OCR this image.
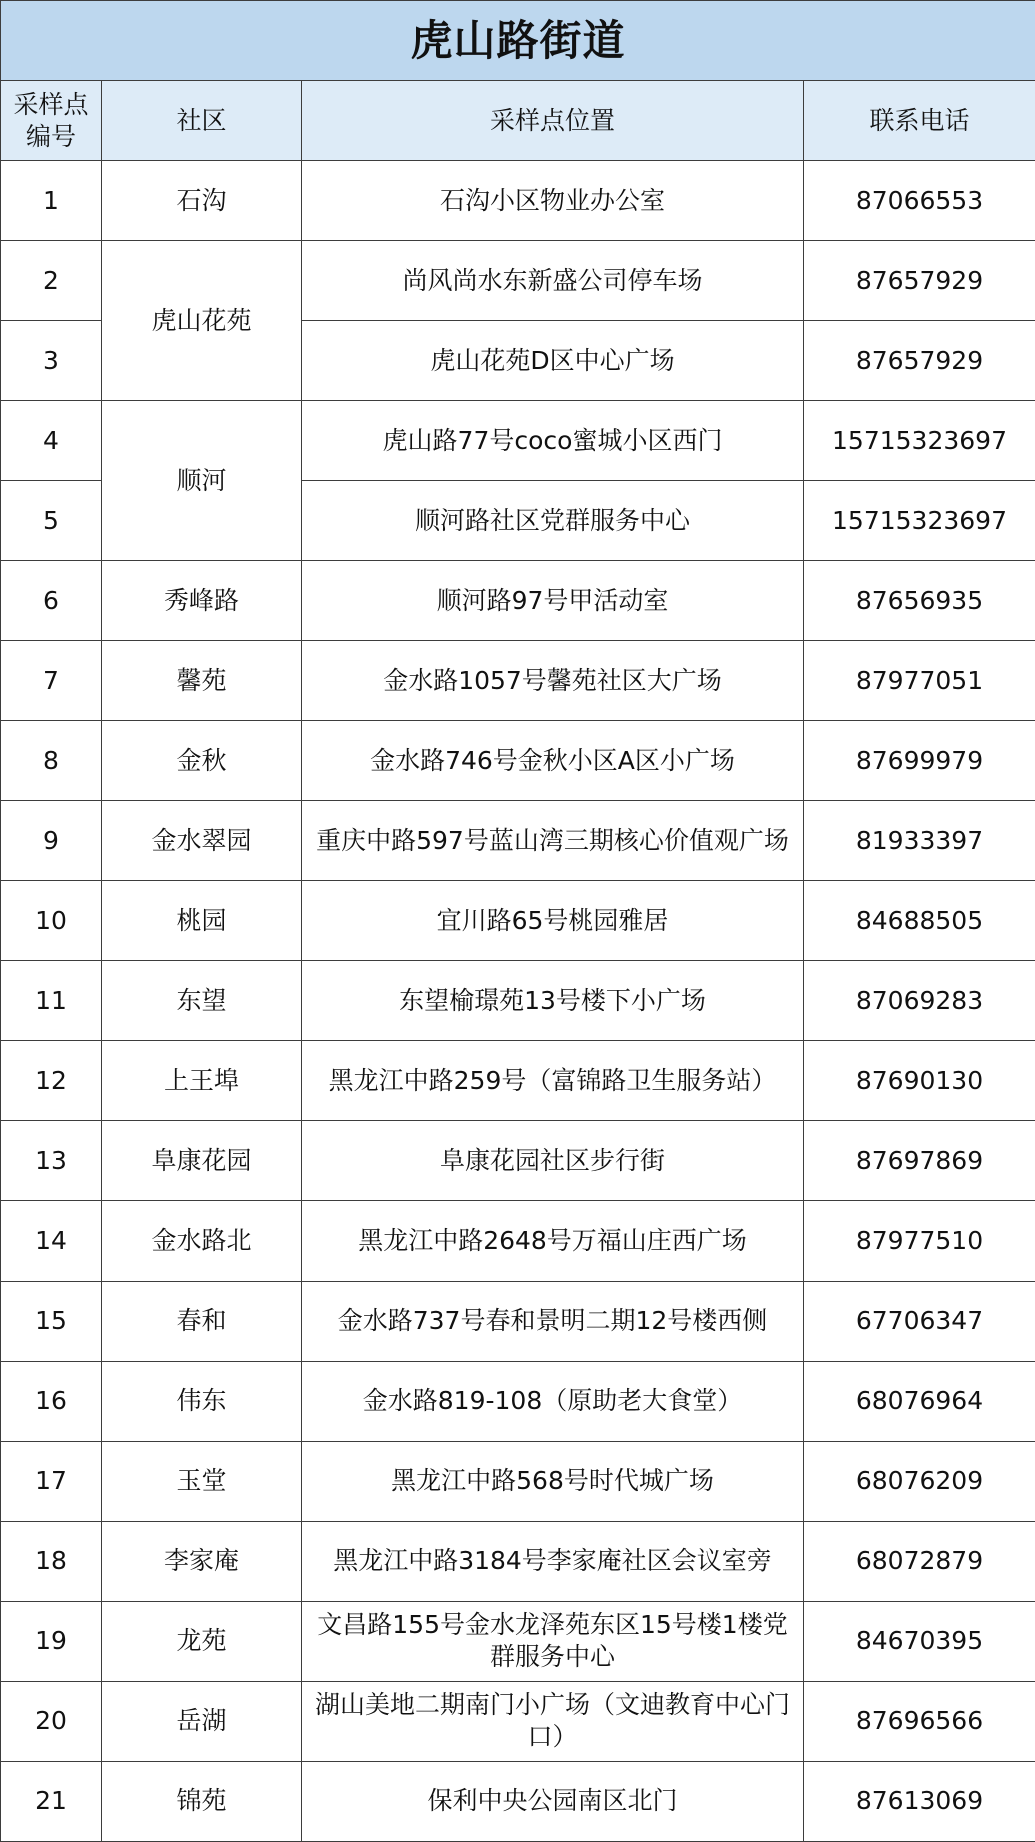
虎山路街道			
采样点编号	社区	采样点位置	联系电话
1	石沟	石沟小区物业办公室	87066553
2	虎山花苑	尚风尚水东新盛公司停车场	87657929
3		虎山花苑D区中心广场	87657929
4	顺河	虎山路77号coco蜜城小区西门	15715323697
5		顺河路社区党群服务中心	15715323697
6	秀峰路	顺河路97号甲活动室	87656935
7	馨苑	金水路1057号馨苑社区大广场	87977051
8	金秋	金水路746号金秋小区A区小广场	87699979
9	金水翠园	重庆中路597号蓝山湾三期核心价值观广场	81933397
10	桃园	宜川路65号桃园雅居	84688505
11	东望	东望榆璟苑13号楼下小广场	87069283
12	上王埠	黑龙江中路259号（富锦路卫生服务站）	87690130
13	阜康花园	阜康花园社区步行街	87697869
14	金水路北	黑龙江中路2648号万福山庄西广场	87977510
15	春和	金水路737号春和景明二期12号楼西侧	67706347
16	伟东	金水路819-108（原助老大食堂）	68076964
17	玉堂	黑龙江中路568号时代城广场	68076209
18	李家庵	黑龙江中路3184号李家庵社区会议室旁	68072879
19	龙苑	文昌路155号金水龙泽苑东区15号楼1楼党群服务中心	84670395
20	岳湖	湖山美地二期南门小广场（文迪教育中心门口）	87696566
21	锦苑	保利中央公园南区北门	87613069
